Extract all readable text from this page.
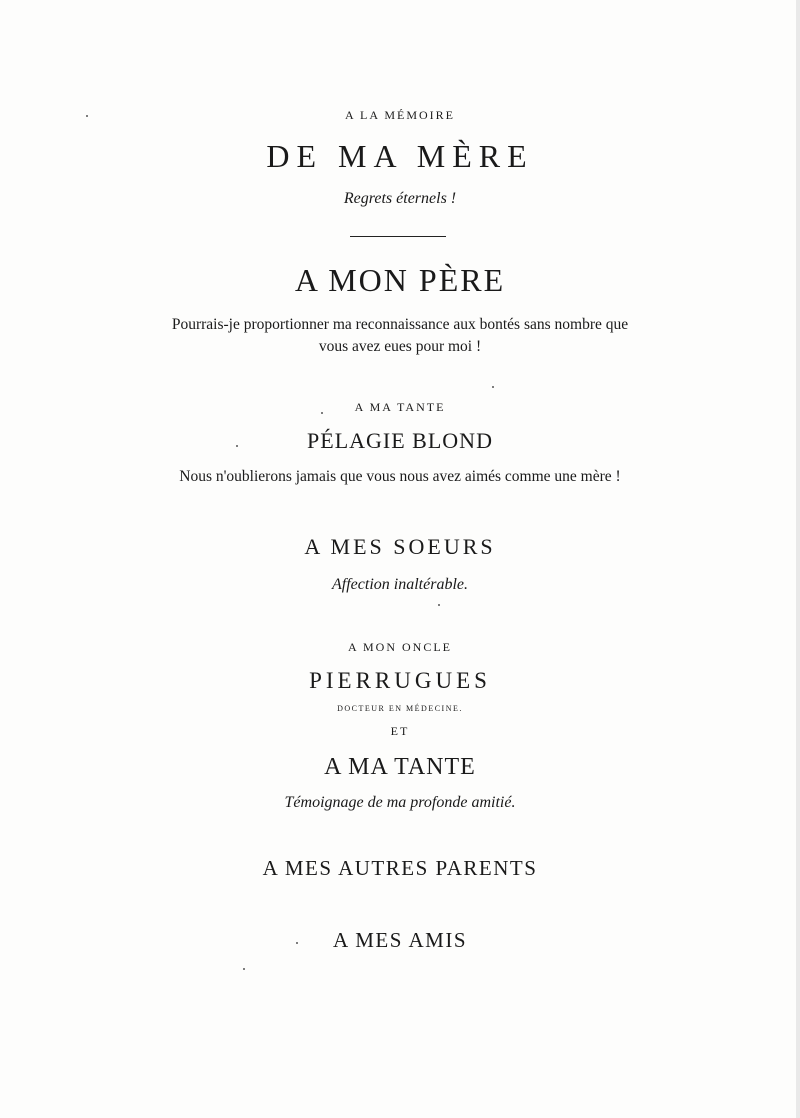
A LA MÉMOIRE
DE MA MÈRE
Regrets éternels !
A MON PÈRE
Pourrais-je proportionner ma reconnaissance aux bontés sans nombre que
vous avez eues pour moi !
A MA TANTE
PÉLAGIE BLOND
Nous n'oublierons jamais que vous nous avez aimés comme une mère !
A MES SOEURS
Affection inaltérable.
A MON ONCLE
PIERRUGUES
DOCTEUR EN MÉDECINE.
ET
A MA TANTE
Témoignage de ma profonde amitié.
A MES AUTRES PARENTS
A MES AMIS
